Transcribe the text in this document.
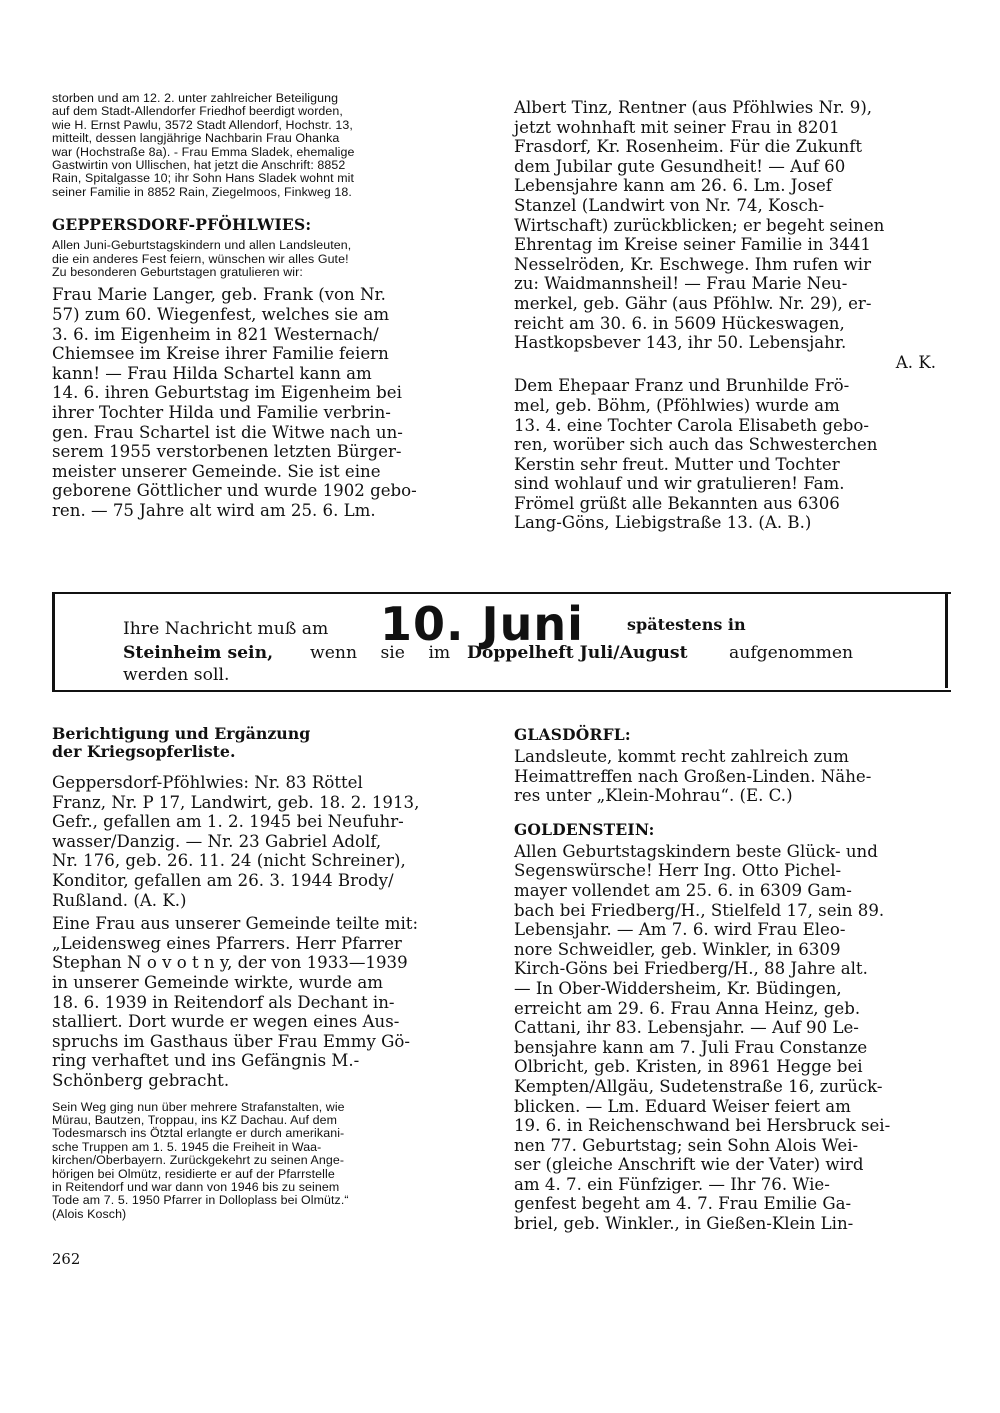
storben und am 12. 2. unter zahlreicher Beteiligung
auf dem Stadt-Allendorfer Friedhof beerdigt worden,
wie H. Ernst Pawlu, 3572 Stadt Allendorf, Hochstr. 13,
mitteilt, dessen langjährige Nachbarin Frau Ohanka
war (Hochstraße 8a). - Frau Emma Sladek, ehemalige
Gastwirtin von Ullischen, hat jetzt die Anschrift: 8852
Rain, Spitalgasse 10; ihr Sohn Hans Sladek wohnt mit
seiner Familie in 8852 Rain, Ziegelmoos, Finkweg 18.
GEPPERSDORF-PFÖHLWIES:
Allen Juni-Geburtstagskindern und allen Landsleuten,
die ein anderes Fest feiern, wünschen wir alles Gute!
Zu besonderen Geburtstagen gratulieren wir:
Frau Marie Langer, geb. Frank (von Nr.
57) zum 60. Wiegenfest, welches sie am
3. 6. im Eigenheim in 821 Westernach/
Chiemsee im Kreise ihrer Familie feiern
kann! — Frau Hilda Schartel kann am
14. 6. ihren Geburtstag im Eigenheim bei
ihrer Tochter Hilda und Familie verbrin-
gen. Frau Schartel ist die Witwe nach un-
serem 1955 verstorbenen letzten Bürger-
meister unserer Gemeinde. Sie ist eine
geborene Göttlicher und wurde 1902 gebo-
ren. — 75 Jahre alt wird am 25. 6. Lm.
Albert Tinz, Rentner (aus Pföhlwies Nr. 9),
jetzt wohnhaft mit seiner Frau in 8201
Frasdorf, Kr. Rosenheim. Für die Zukunft
dem Jubilar gute Gesundheit! — Auf 60
Lebensjahre kann am 26. 6. Lm. Josef
Stanzel (Landwirt von Nr. 74, Kosch-
Wirtschaft) zurückblicken; er begeht seinen
Ehrentag im Kreise seiner Familie in 3441
Nesselröden, Kr. Eschwege. Ihm rufen wir
zu: Waidmannsheil! — Frau Marie Neu-
merkel, geb. Gähr (aus Pföhlw. Nr. 29), er-
reicht am 30. 6. in 5609 Hückeswagen,
Hastkopsbever 143, ihr 50. Lebensjahr.
A. K.
Dem Ehepaar Franz und Brunhilde Frö-
mel, geb. Böhm, (Pföhlwies) wurde am
13. 4. eine Tochter Carola Elisabeth gebo-
ren, worüber sich auch das Schwesterchen
Kerstin sehr freut. Mutter und Tochter
sind wohlauf und wir gratulieren! Fam.
Frömel grüßt alle Bekannten aus 6306
Lang-Göns, Liebigstraße 13. (A. B.)
Ihre Nachricht muß am 10. Juni	spätestens in
Steinheim sein, wenn sie im Doppelheft Juli/August aufgenommen
werden soll.
Berichtigung und Ergänzung
der Kriegsopferliste.
Geppersdorf-Pföhlwies: Nr. 83 Röttel
Franz, Nr. P 17, Landwirt, geb. 18. 2. 1913,
Gefr., gefallen am 1. 2. 1945 bei Neufuhr-
wasser/Danzig. — Nr. 23 Gabriel Adolf,
Nr. 176, geb. 26. 11. 24 (nicht Schreiner),
Konditor, gefallen am 26. 3. 1944 Brody/
Rußland. (A. K.)
Eine Frau aus unserer Gemeinde teilte mit:
„Leidensweg eines Pfarrers. Herr Pfarrer
Stephan N o v o t n y, der von 1933—1939
in unserer Gemeinde wirkte, wurde am
18. 6. 1939 in Reitendorf als Dechant in-
stalliert. Dort wurde er wegen eines Aus-
spruchs im Gasthaus über Frau Emmy Gö-
ring verhaftet und ins Gefängnis M.-
Schönberg gebracht.
Sein Weg ging nun über mehrere Strafanstalten, wie
Mürau, Bautzen, Troppau, ins KZ Dachau. Auf dem
Todesmarsch ins Ötztal erlangte er durch amerikani-
sche Truppen am 1. 5. 1945 die Freiheit in Waa-
kirchen/Oberbayern. Zurückgekehrt zu seinen Ange-
hörigen bei Olmütz, residierte er auf der Pfarrstelle
in Reitendorf und war dann von 1946 bis zu seinem
Tode am 7. 5. 1950 Pfarrer in Dolloplass bei Olmütz.“
(Alois Kosch)
262
GLASDÖRFL:
Landsleute, kommt recht zahlreich zum
Heimattreffen nach Großen-Linden. Nähe-
res unter „Klein-Mohrau“. (E. C.)
GOLDENSTEIN:
Allen Geburtstagskindern beste Glück- und
Segenswürsche! Herr Ing. Otto Pichel-
mayer vollendet am 25. 6. in 6309 Gam-
bach bei Friedberg/H., Stielfeld 17, sein 89.
Lebensjahr. — Am 7. 6. wird Frau Eleo-
nore Schweidler, geb. Winkler, in 6309
Kirch-Göns bei Friedberg/H., 88 Jahre alt.
— In Ober-Widdersheim, Kr. Büdingen,
erreicht am 29. 6. Frau Anna Heinz, geb.
Cattani, ihr 83. Lebensjahr. — Auf 90 Le-
bensjahre kann am 7. Juli Frau Constanze
Olbricht, geb. Kristen, in 8961 Hegge bei
Kempten/Allgäu, Sudetenstraße 16, zurück-
blicken. — Lm. Eduard Weiser feiert am
19. 6. in Reichenschwand bei Hersbruck sei-
nen 77. Geburtstag; sein Sohn Alois Wei-
ser (gleiche Anschrift wie der Vater) wird
am 4. 7. ein Fünfziger. — Ihr 76. Wie-
genfest begeht am 4. 7. Frau Emilie Ga-
briel, geb. Winkler., in Gießen-Klein Lin-
